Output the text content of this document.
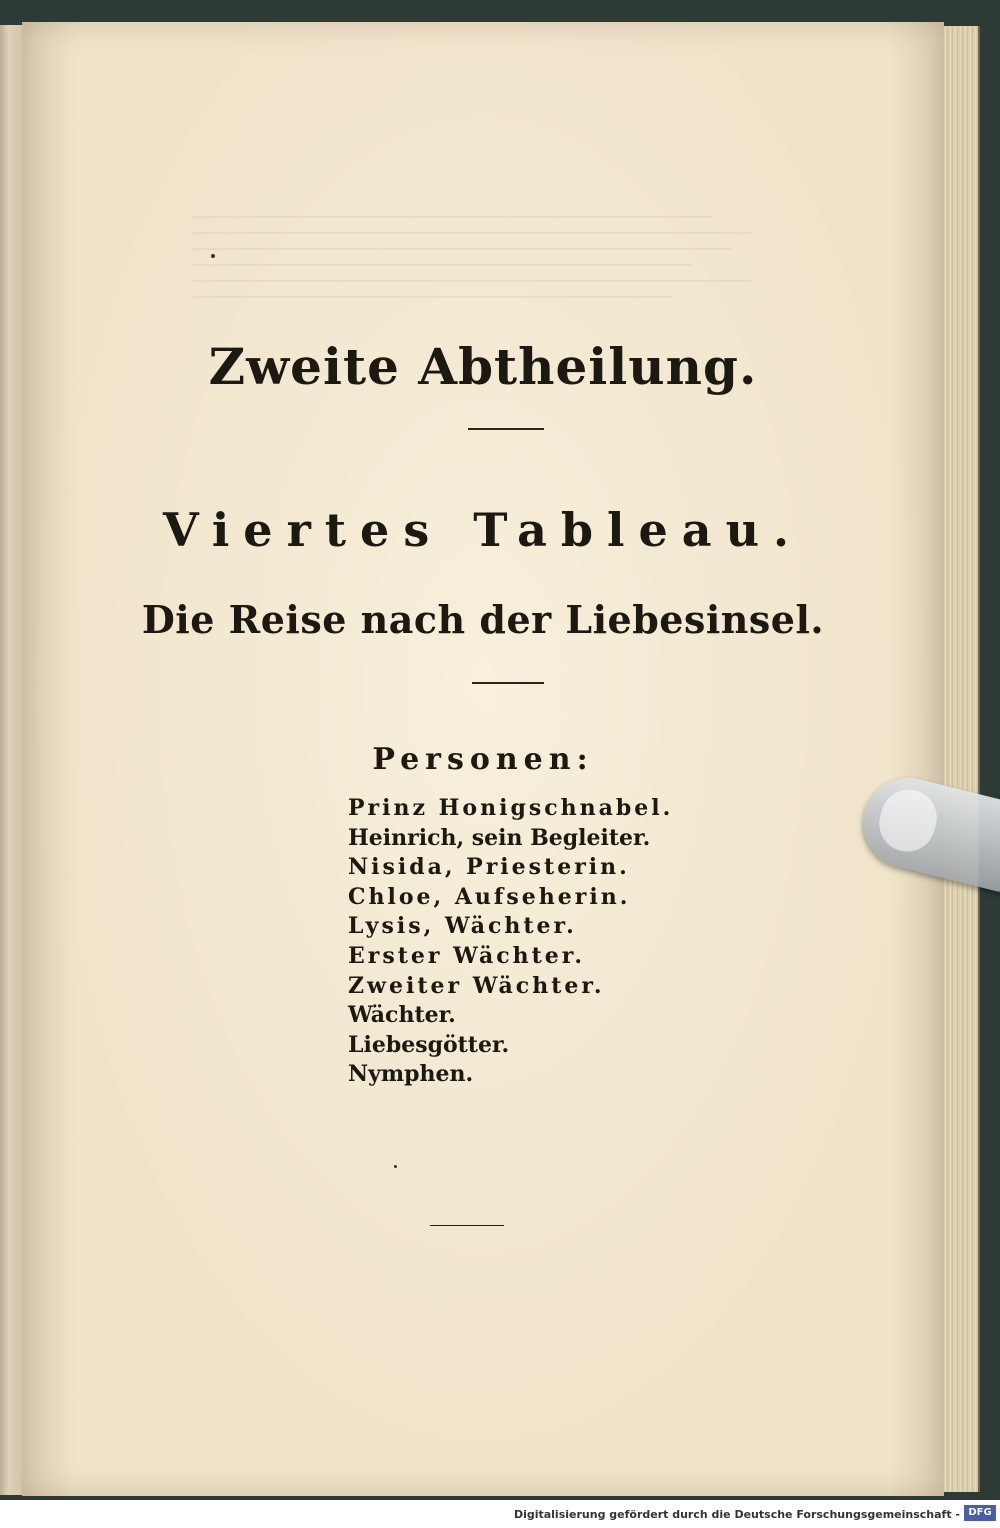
Zweite Abtheilung.
Viertes Tableau.
Die Reise nach der Liebesinsel.
Personen:
Prinz Honigschnabel.
Heinrich, sein Begleiter.
Nisida, Priesterin.
Chloe, Aufseherin.
Lysis, Wächter.
Erster Wächter.
Zweiter Wächter.
Wächter.
Liebesgötter.
Nymphen.
Digitalisierung gefördert durch die Deutsche Forschungsgemeinschaft - DFG
